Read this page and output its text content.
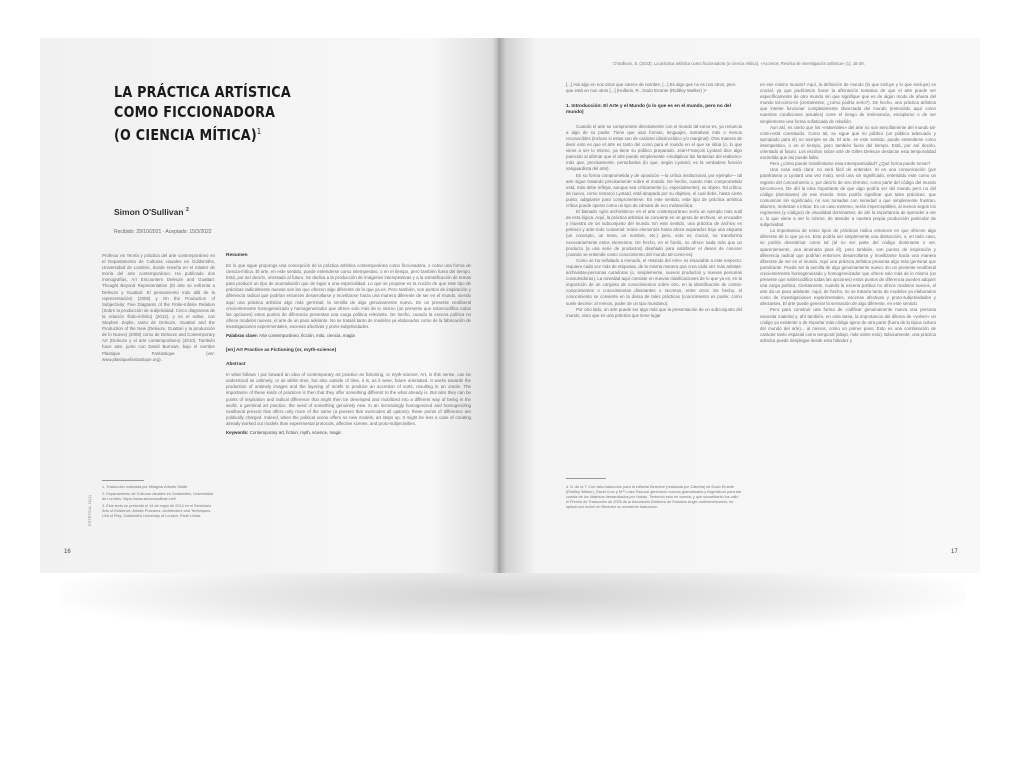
LA PRÁCTICA ARTÍSTICA
COMO FICCIONADORA
(O CIENCIA MÍTICA)$^1$
Simon O'Sullivan $^2$
Recibido: 29/10/2021 · Aceptado: 15/3/2022

Profesor en Teoría y práctica del arte contemporáneo en el Departamento de Culturas visuales en Goldsmiths, Universidad de Londres, donde enseña en el máster de teoría del arte contemporáneo. Ha publicado dos monografías, Art Encounters Deleuze and Guattari: Thought Beyond Representation (El arte se enfrenta a Deleuze y Guattari: El pensamiento más allá de la representación) (2005) y On the Production of Subjectivity: Five Diagrams of the Finite-Infinite Relation (Sobre la producción de subjetividad: Cinco diagramas de la relación finito-infinito) (2012), y es el editor, con Stephen Zepke, tanto de Deleuze, Guattari and the Production of the New (Deleuze, Guattari y la producción de lo Nuevo) (2008) como de Deleuze and Contemporary Art (Deleuze y el arte contemporáneo) (2010). También hace arte, junto con David Burrows, bajo el nombre Plastique Fantastique (ver: www.plastiquefantastique.org).

Resumen

En lo que sigue propongo una concepción de la práctica artística contemporánea como ficcionadora, o como una forma de ciencia-mítica. El arte, en este sentido, puede entenderse como intempestivo, o en el tiempo, pero también fuera del tiempo. Está, por así decirlo, orientado al futuro. Se dedica a la producción de imágenes intempestivas y a la estratificación de temas para producir un tipo de acumulación que de lugar a una especialidad. Lo que se propone es la noción de que este tipo de prácticas radicalmente nuevas son las que ofrecen algo diferente de lo que ya es. Pero también, son puntos de inspiración y diferencia radical que podrían entonces desarrollarse y movilizarse hacia una manera diferente de ser en el mundo, siendo aquí una práctica artística algo más germinal, la semilla de algo genuinamente nuevo. En un presente neoliberal crecientemente homogeneizado y homogeneizador que ofrece solo más de lo mismo (un presente que sobrecodifica todas las opciones) estos puntos de diferencia presentan una carga política relevante. De hecho, cuando la escena política no ofrece modelos nuevos, el arte de un paso adelante. No se tratará tanto de modelos ya elaborados como de la fabricación de investigaciones experimentales, escenas afectivas y proto-subjetividades.

Palabras clave: Arte contemporáneo, ficción, mito, ciencia, magia

[en] Art Practice as Fictioning (or, myth-science)

Abstract

In what follows I put forward an idea of contemporary art practice as fictioning, or myth-science. Art, in this sense, can be understood as untimely, or as within time, but also outside of time, it is, as it were, future orientated. It works towards the production of untimely images and the layering of motifs to produce an accretion of sorts, resulting in an oracle. The importance of these kinds of practices is then that they offer something different to the what already is. But also they can be points of inspiration and radical difference that might then be developed and mobilized into a different way of being in the world, a germinal art practice, the seed of something genuinely new. In an increasingly homogenized and homogenizing neoliberal present that offers only more of the same (a present that overcodes all options), these points of difference are politically charged. Indeed, when the political scene offers no new models, art steps up. It might be less a case of creating already worked out models than experimental protocols, affective scenes, and proto-subjectivities.

Keywords: Contemporary art, fiction, myth, science, magic

1. Traducción realizada por Milagros Arbués Vitalle

2. Departamento de Culturas visuales en Goldsmiths, Universidad de Londres. https://www.simonosullivan.net/

3. Este texto se presentó el 14 de mayo de 2014 en el Seminario Arts of Existence: Artistic Practices, Architecture and Techniques. Unit of Play, Goldsmiths University of London. Parte Unida.

ESTÉTICA, 11(1)
16
O'Sullivan, S. (2022). La práctica artística como ficcionadora (o ciencia mítica). «Accesos. Revista de investigación artística» (1), 16-29.

[...] Hai algo en nos otros que carece de nombre. [...] Es algo que no es nos otros, pero que está en nos otros [...] (Holbein, R., Dodo Errante (Riddley Walker) )⁴

1. Introducción: El Arte y el Mundo (o lo que es en el mundo, pero no del mundo)

Cuando el arte se compromete directamente con el mundo tal-como-es, ya renuncia a algo de su poder. Tiene que usar formas, lenguajes, narrativas más o menos reconocibles (incluso si estas son de carácter idiosincrático y/o marginal). Otra manera de decir esto es que el arte es tanto del como para el mundo en el que se sitúa (o, lo que viene a ser lo mismo, ya tiene su público preparado. Jean-François Lyotard dice algo parecido al afirmar que el arte puede simplemente «multiplicar las fantasías del realismo» más que, precisamente, perturbarlas (lo que, según Lyotard, es la verdadera función vanguardista del arte).

En su forma comprometida y de oposición —la crítica institucional, por ejemplo— tal arte sigue tratando precisamente sobre el mundo. De hecho, cuanto más comprometido está, más debe reflejar, aunque sea críticamente (o, especialmente), su objeto. Tal crítica, de nuevo, como remarcó Lyotard, está atrapada por su objetivo, el cual debe, hasta cierto punto, adaptarse para comprometerse. En este sentido, este tipo de práctica artística crítica puede operar como un tipo de cámara de eco melancólica.

El llamado «giro archivístico» en el arte contemporáneo sería un ejemplo más sutil de esta lógica. Aquí, la práctica artística se convierte en un gesto de archivar, un encuadre y muestra de un subconjunto del mundo. En este sentido, una práctica de archivo es primero y ante todo curatorial: reúne elementos hasta ahora separados bajo una etiqueta (un concepto, un tema, un nombre, etc.) pero, esto es crucial, no transforma necesariamente estos elementos. De hecho, en el fondo, no ofrece nada más que un producto (a una serie de productos) diseñado para satisfacer el deseo de conocer (cuando se entiende como conocimiento del mundo tal-como-es).

Como se ha señalado a menudo, el «Mundo del Arte» es insaciable a este respecto: requiere cada vez más de etiquetas, de la misma manera que crea cada vez más artistas-archivistas-personas curadoras (o, simplemente, nuevos productos y nuevas personas consumidoras). La novedad aquí consiste en nuevas clasificaciones de lo que ya es, en la imposición de un conjunto de conocimientos sobre otro, en la identificación de contra-conocimientos o conocimientos disonantes o secretos, entre otros. De hecho, el conocimiento se convierte en la divisa de tales prácticas (conocimiento es poder, como suele decirse: al menos, poder de un tipo mundano).

Por otro lado, un arte puede ser algo más que la presentación de un subconjunto del mundo, visto que es una práctica que tiene lugar

4. N. de la T. Con esta traducción para la editorial Berenice (realizada por Cátedra) de Dodo Errante (Riddley Walker), David Cruz y M.ª Luisa Pascual generaron nuevos gramaticales y lingüísticos para dar cuenta de los dialectos desarrollados por Hoban. Teniendo esto en cuenta, y que suvuelbanto los valió el Premio de Traducción de 2005 de la Asociación Británica de Estudios Anglo-norteamericanos, he optado por incluir en Berenice su excelente traducción.

en ese mismo mundo? Aquí, la definición de mundo (lo que incluye y lo que excluye) es crucial, ya que podríamos hacer la afirmación tentativa de que el arte puede ser específicamente de otro mundo sin que signifique que es de algún modo de afuera del mundo tal-como-es (ciertamente, ¿cómo podría serlo?). De hecho, una práctica artística que intente funcionar completamente divorciada del mundo (entendido aquí como nuestras condiciones actuales) corre el riesgo de irrelevancia, escapismo o de ser simplemente una forma sofisticada de rebelión.

Aun así, es cierto que los «materiales» del arte no son sencillamente del mundo tal-como-está constituido. Como tal, se sigue que su público (un público adecuado y apropiado para él) no siempre se da. El arte, en este sentido, puede entenderse como intempestivo, o en el tiempo, pero también fuera del tiempo. Está, por así decirlo, orientado al futuro. Los escritos sobre arte de Gilles Deleuze destacan esta temporalidad escindida que así puede fallar.

Pero ¿cómo puede manifestarse esta intempestividad? ¿Qué forma puede tomar?

Una cosa está clara: no será fácil de entender. Si es una comunicación (por parafrasear a Lyotard una vez más), será una sin significado, entendido este como un registro del conocimiento o, por decirlo de otro término, como parte del código del mundo tal-como-es. De ahí la idea importante de que algo podría ser del mundo pero no del código (dominante) de ese mundo. Esto podría significar que tales prácticas, que comunican sin significado, no son tomadas con seriedad o que simplemente frustran, aburren, molestan o irritan. En un caso extremo, serán imperceptibles, al menos según los regímenes (y códigos) de visualidad dominantes; de ahí la importancia de aprender a ver o, lo que viene a ser lo mismo, de atender a nuestra propia producción particular de subjetividad.

La importancia de estos tipos de prácticas radica entonces en que ofrecen algo diferente de lo que ya es. Esto podría ser simplemente una distracción, o, en todo caso, se podría desestimar como tal (al no ser parte del código dominante o ser, aparentemente, una amenaza para él), pero también, son puntos de inspiración y diferencia radical que podrían entonces desarrollarse y movilizarse hacia una manera diferente de ser en el mundo. Aquí una práctica artística presenta algo más germinal que paralizante. Puede ser la semilla de algo genuinamente nuevo. En un presente neoliberal crecientemente homogeneizado y homogeneizador que ofrece solo más de lo mismo (un presente que sobrecodifica todas las opciones) estos puntos de diferencia pueden adquirir una carga política. Ciertamente, cuando la escena política no ofrece modelos nuevos, el arte da un paso adelante. Aquí, de hecho, no se trataría tanto de modelos ya elaborados como de investigaciones experimentales, escenas afectivas y proto-subjetividades y afectantes. El arte puede generar la sensación de algo diferente, en este sentido.

Pero para construir una forma de codificar genuinamente nueva una persona necesita material y, ahí también, en esta tarea, la importancia del dilema de «volver» un código ya existente o de importar más código ajeno de otra parte (fuera de la típica cultura del mundo del arte)... al menos, como un primer paso. Esto es una combinación de carácter tanto espacial como temporal (abajo, más sobre esto). Básicamente, una práctica artística puede desplegar desde esta hibridez y

17
